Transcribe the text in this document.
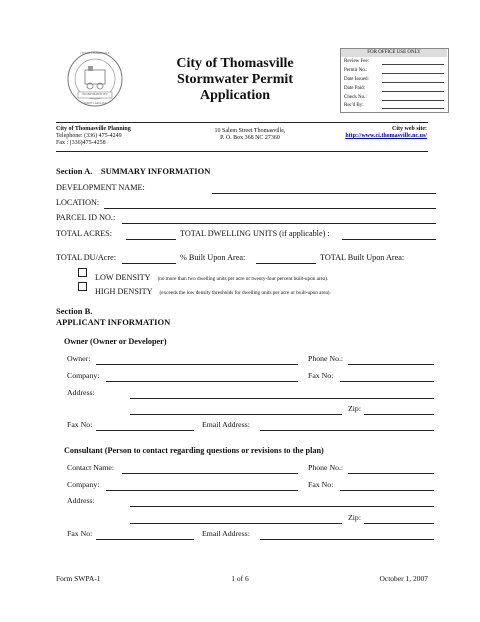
INCORPORATED 1857
CITY OF THOMASVILLE
NORTH CAROLINA
City of Thomasville
Stormwater Permit
Application
FOR OFFICE USE ONLY
Review Fee:
Permit No.:
Date Issued:
Date Paid:
Check No.:
Rec'd By:
City of Thomasville Planning
Telephone: (336) 475-4249
Fax : (336)475-4258
10 Salem Street Thomasville,
P. O. Box 368 NC 27360
City web site:
http://www.ci.thomasville.nc.us/
Section A. SUMMARY INFORMATION
DEVELOPMENT NAME:
LOCATION:
PARCEL ID NO.:
TOTAL ACRES:	TOTAL DWELLING UNITS (if applicable) :
TOTAL DU/Acre:	% Built Upon Area:	TOTAL Built Upon Area:
LOW DENSITY (no more than two dwelling units per acre or twenty-four percent built-upon area).
HIGH DENSITY (exceeds the low density thresholds for dwelling units per acre or built-upon area).
Section B.
APPLICANT INFORMATION
Owner (Owner or Developer)
Owner:	Phone No.:
Company:	Fax No:
Address:
Zip:
Fax No:	Email Address:
Consultant (Person to contact regarding questions or revisions to the plan)
Contact Name:	Phone No.:
Company:	Fax No:
Address:
Zip:
Fax No:	Email Address:
Form SWPA-1	1 of 6	October 1, 2007
